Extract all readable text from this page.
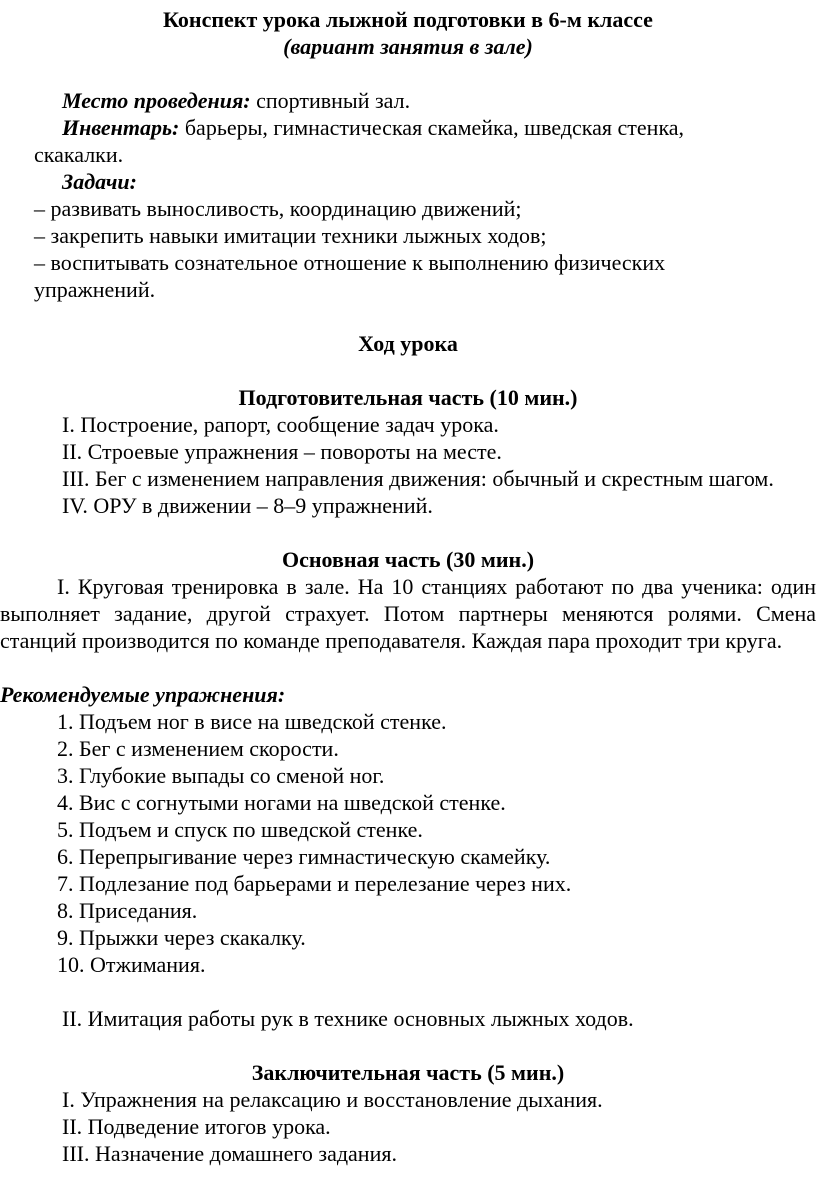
Конспект урока лыжной подготовки в 6-м классе

(вариант занятия в зале)

Место проведения: спортивный зал.

Инвентарь: барьеры, гимнастическая скамейка, шведская стенка, скакалки.

Задачи:

– развивать выносливость, координацию движений;

– закрепить навыки имитации техники лыжных ходов;

– воспитывать сознательное отношение к выполнению физических упражнений.

Ход урока

Подготовительная часть (10 мин.)

I. Построение, рапорт, сообщение задач урока.

II. Строевые упражнения – повороты на месте.

III. Бег с изменением направления движения: обычный и скрестным шагом.

IV. ОРУ в движении – 8–9 упражнений.

Основная часть (30 мин.)

I. Круговая тренировка в зале. На 10 станциях работают по два ученика: один выполняет задание, другой страхует. Потом партнеры меняются ролями. Смена станций производится по команде преподавателя. Каждая пара проходит три круга.

Рекомендуемые упражнения:

1. Подъем ног в висе на шведской стенке.

2. Бег с изменением скорости.

3. Глубокие выпады со сменой ног.

4. Вис с согнутыми ногами на шведской стенке.

5. Подъем и спуск по шведской стенке.

6. Перепрыгивание через гимнастическую скамейку.

7. Подлезание под барьерами и перелезание через них.

8. Приседания.

9. Прыжки через скакалку.

10. Отжимания.

II. Имитация работы рук в технике основных лыжных ходов.

Заключительная часть (5 мин.)

I. Упражнения на релаксацию и восстановление дыхания.

II. Подведение итогов урока.

III. Назначение домашнего задания.
